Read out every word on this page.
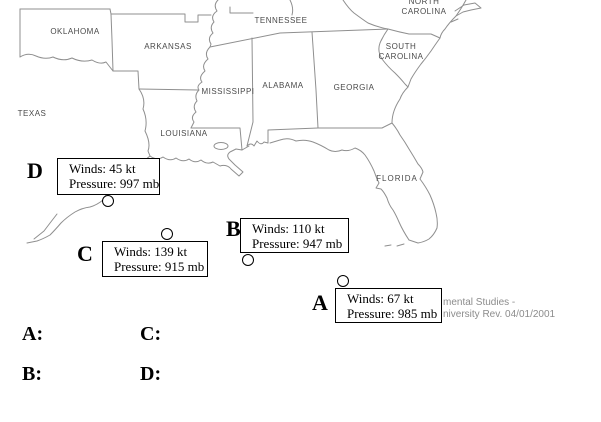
OKLAHOMA
ARKANSAS
TENNESSEE
NORTH
CAROLINA
SOUTH
CAROLINA
MISSISSIPPI
ALABAMA	GEORGIA
TEXAS
LOUISIANA
FLORIDA
D Winds: 45 kt
Pressure: 997 mb
C Winds: 139 kt
Pressure: 915 mb
B Winds: 110 kt
Pressure: 947 mb
A Winds: 67 kt
Pressure: 985 mb
mental Studies -
niversity Rev. 04/01/2001
A:	C:
B:	D:
